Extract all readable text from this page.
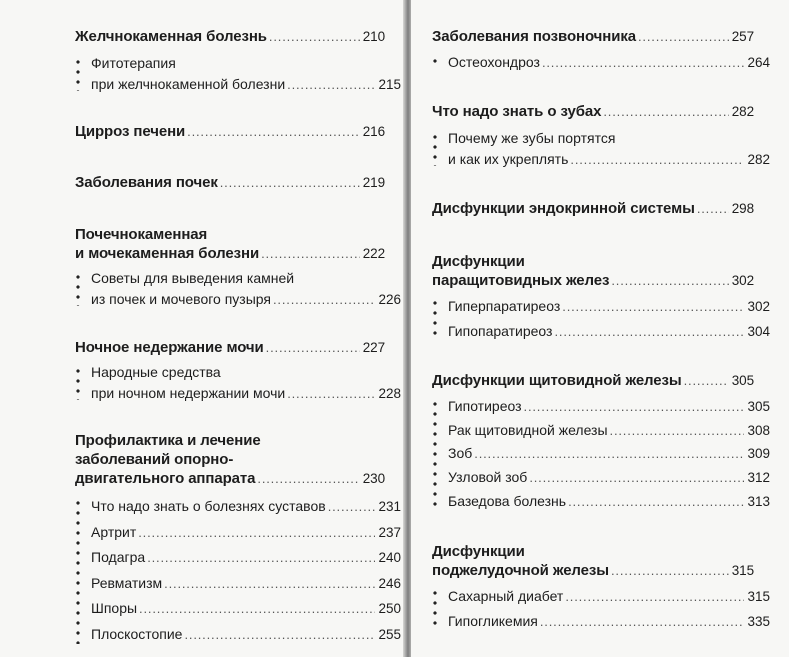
Желчнокаменная болезнь . . .	210
Фитотерапия
при желчнокаменной болезни . . .	215
Цирроз печени . . .	216
Заболевания почек . . .	219
Почечнокаменная
и мочекаменная болезни . . .	222
Советы для выведения камней
из почек и мочевого пузыря . . .	226
Ночное недержание мочи . . .	227
Народные средства
при ночном недержании мочи . . .	228
Профилактика и лечение
заболеваний опорно-
двигательного аппарата . . .	230
Что надо знать о болезнях суставов . . .	231
Артрит . . .	237
Подагра . . .	240
Ревматизм . . .	246
Шпоры . . .	250
Плоскостопие . . .	255
Заболевания позвоночника . . .	257
Остеохондроз . . .	264
Что надо знать о зубах . . .	282
Почему же зубы портятся
и как их укреплять . . .	282
Дисфункции эндокринной системы . . .	298
Дисфункции
паращитовидных желез . . .	302
Гиперпаратиреоз . . .	302
Гипопаратиреоз . . .	304
Дисфункции щитовидной железы . . .	305
Гипотиреоз . . .	305
Рак щитовидной железы . . .	308
Зоб . . .	309
Узловой зоб . . .	312
Базедова болезнь . . .	313
Дисфункции
поджелудочной железы . . .	315
Сахарный диабет . . .	315
Гипогликемия . . .	335
